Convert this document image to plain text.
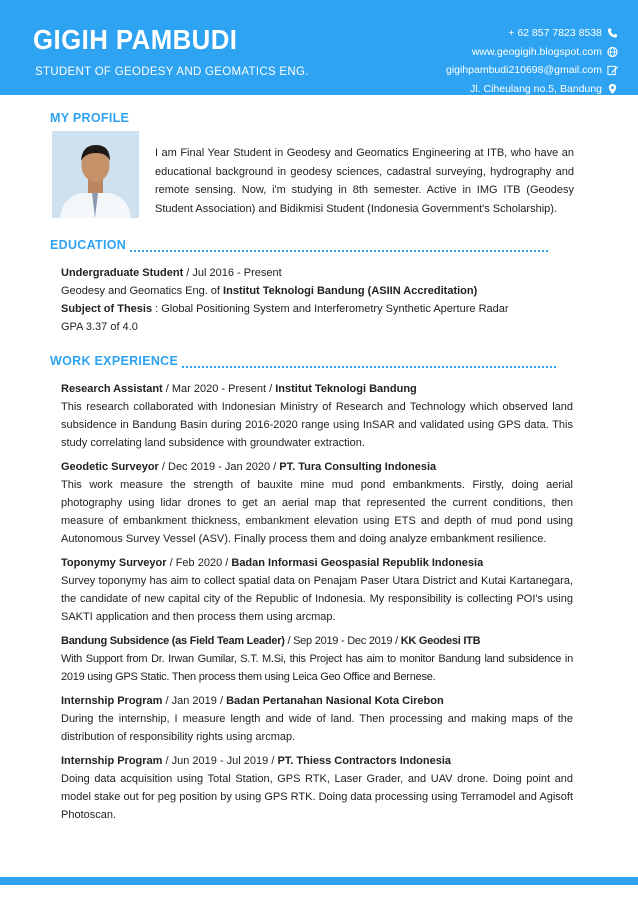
GIGIH PAMBUDI
STUDENT OF GEODESY AND GEOMATICS ENG.
+ 62 857 7823 8538
www.geogigih.blogspot.com
gigihpambudi210698@gmail.com
Jl. Ciheulang no.5, Bandung
MY PROFILE
I am Final Year Student in Geodesy and Geomatics Engineering at ITB, who have an educational background in geodesy sciences, cadastral surveying, hydrography and remote sensing. Now, i'm studying in 8th semester. Active in IMG ITB (Geodesy Student Association) and Bidikmisi Student (Indonesia Government's Scholarship).
EDUCATION
Undergraduate Student / Jul 2016 - Present
Geodesy and Geomatics Eng. of Institut Teknologi Bandung (ASIIN Accreditation)
Subject of Thesis : Global Positioning System and Interferometry Synthetic Aperture Radar
GPA 3.37 of 4.0
WORK EXPERIENCE
Research Assistant / Mar 2020 - Present / Institut Teknologi Bandung
This research collaborated with Indonesian Ministry of Research and Technology which observed land subsidence in Bandung Basin during 2016-2020 range using InSAR and validated using GPS data. This study correlating land subsidence with groundwater extraction.
Geodetic Surveyor / Dec 2019 - Jan 2020 / PT. Tura Consulting Indonesia
This work measure the strength of bauxite mine mud pond embankments. Firstly, doing aerial photography using lidar drones to get an aerial map that represented the current conditions, then measure of embankment thickness, embankment elevation using ETS and depth of mud pond using Autonomous Survey Vessel (ASV). Finally process them and doing analyze embankment resilience.
Toponymy Surveyor / Feb 2020 / Badan Informasi Geospasial Republik Indonesia
Survey toponymy has aim to collect spatial data on Penajam Paser Utara District and Kutai Kartanegara, the candidate of new capital city of the Republic of Indonesia. My responsibility is collecting POI's using SAKTI application and then process them using arcmap.
Bandung Subsidence (as Field Team Leader) / Sep 2019 - Dec 2019 / KK Geodesi ITB
With Support from Dr. Irwan Gumilar, S.T. M.Si, this Project has aim to monitor Bandung land subsidence in 2019 using GPS Static. Then process them using Leica Geo Office and Bernese.
Internship Program / Jan 2019 / Badan Pertanahan Nasional Kota Cirebon
During the internship, I measure length and wide of land. Then processing and making maps of the distribution of responsibility rights using arcmap.
Internship Program / Jun 2019 - Jul 2019 / PT. Thiess Contractors Indonesia
Doing data acquisition using Total Station, GPS RTK, Laser Grader, and UAV drone. Doing point and model stake out for peg position by using GPS RTK. Doing data processing using Terramodel and Agisoft Photoscan.
